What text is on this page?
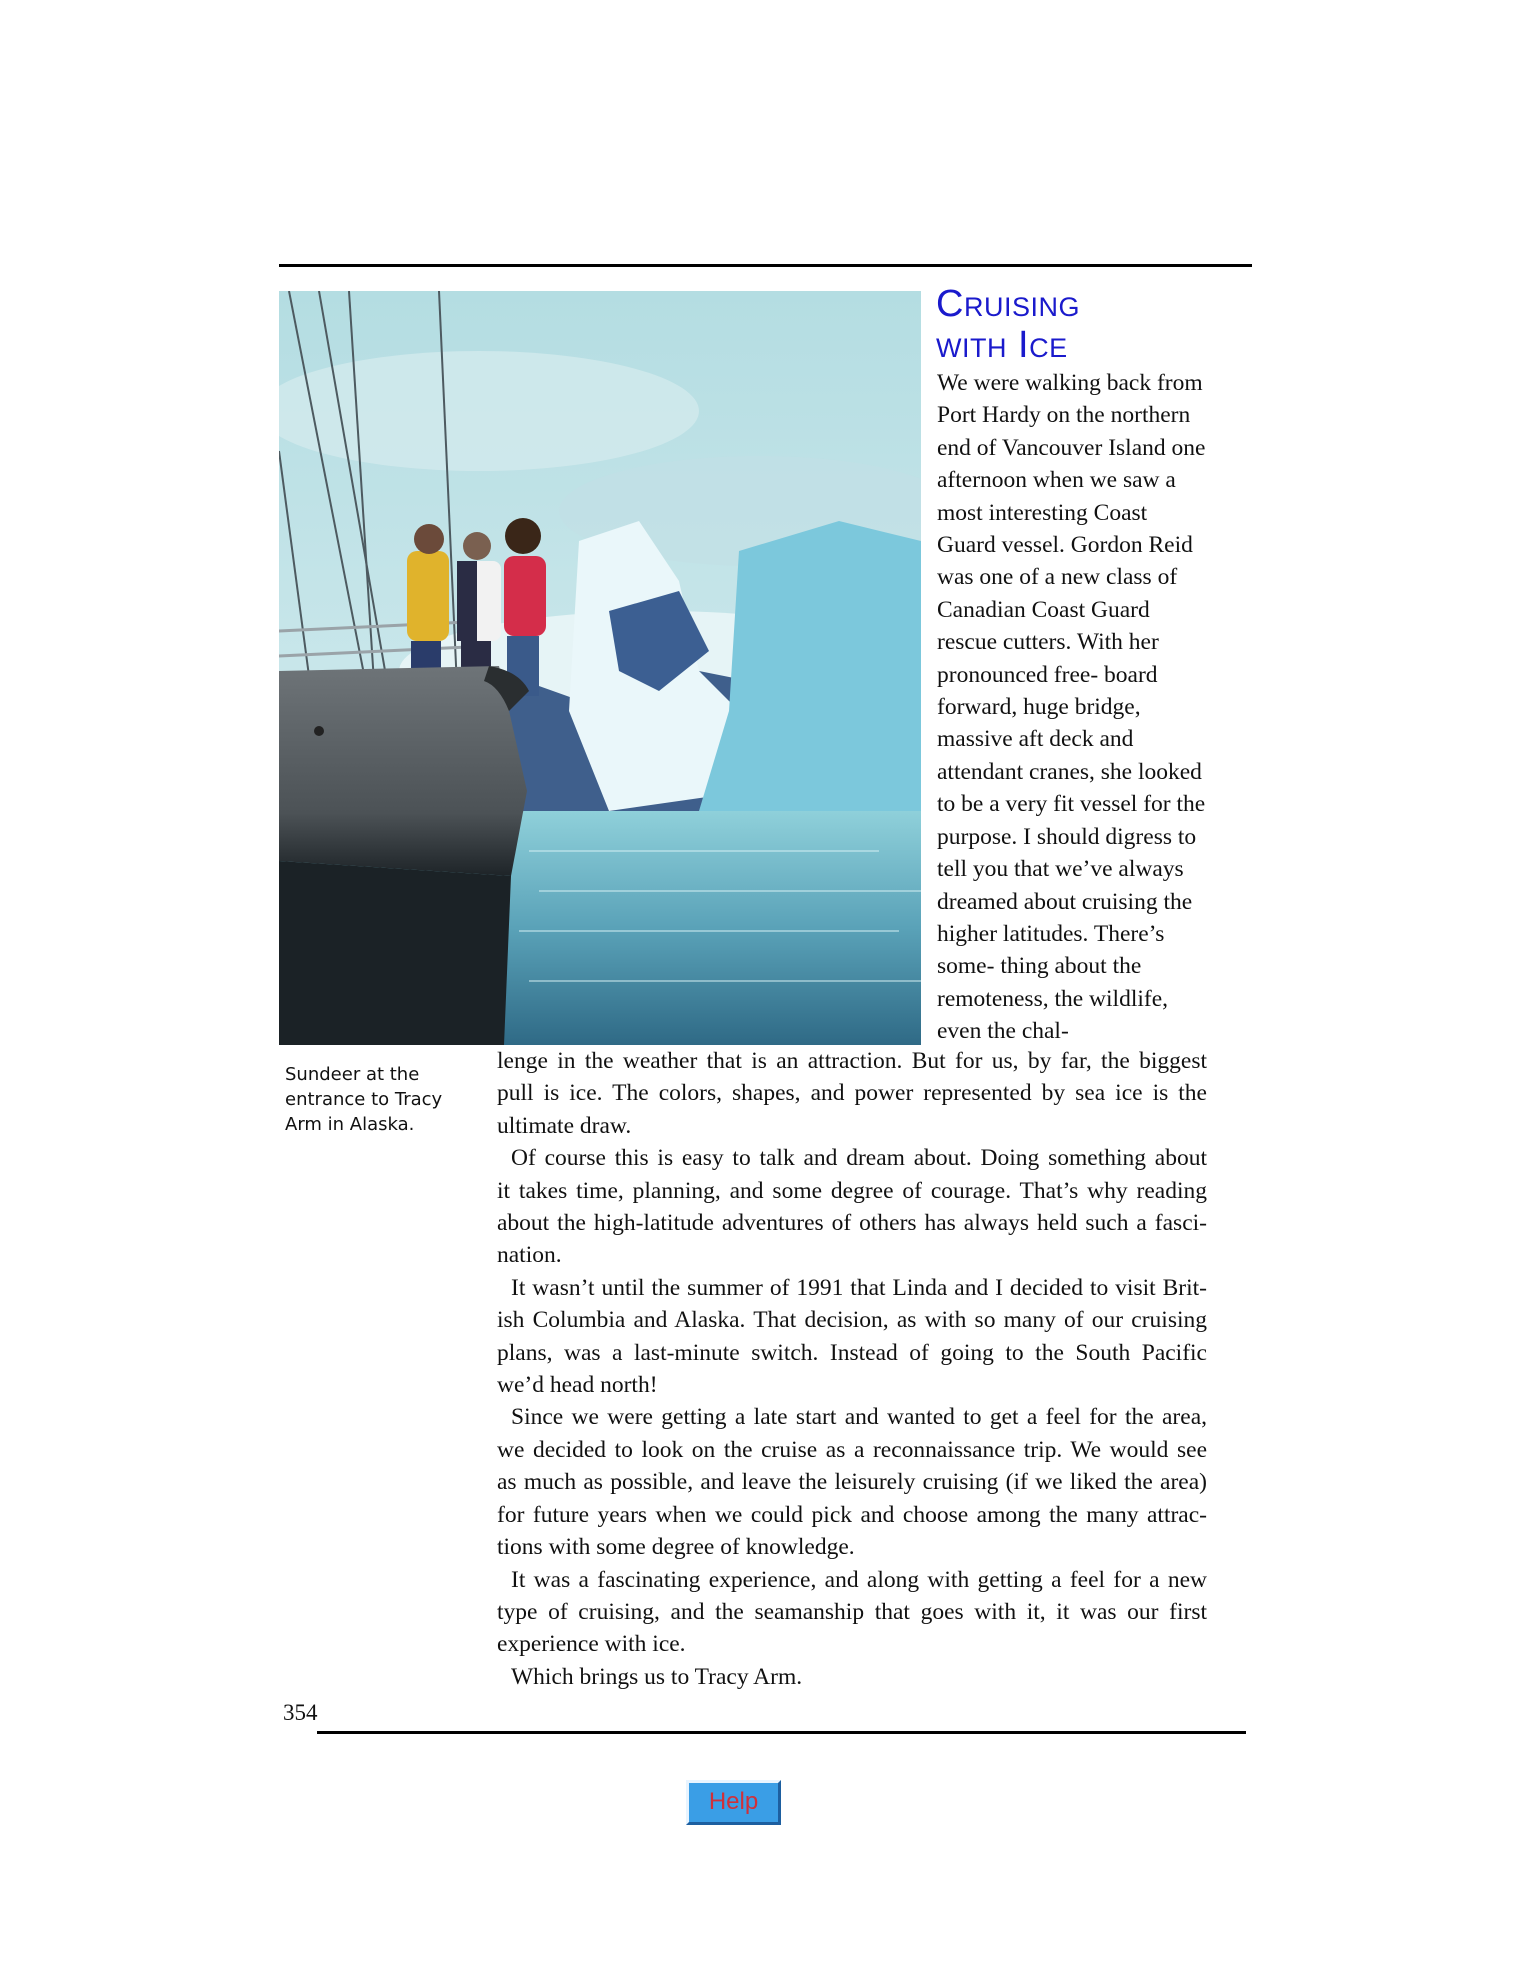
Cruising
with Ice
We were walking back from Port Hardy on the northern end of Vancouver Island one afternoon when we saw a most interesting Coast Guard vessel. Gordon Reid was one of a new class of Canadian Coast Guard rescue cutters. With her pronounced free- board forward, huge bridge, massive aft deck and attendant cranes, she looked to be a very fit vessel for the purpose. I should digress to tell you that we’ve always dreamed about cruising the higher latitudes. There’s some- thing about the remoteness, the wildlife, even the chal-
Sundeer at the
entrance to Tracy
Arm in Alaska.
lenge in the weather that is an attraction. But for us, by far, the biggest
pull is ice. The colors, shapes, and power represented by sea ice is the
ultimate draw.
Of course this is easy to talk and dream about. Doing something about
it takes time, planning, and some degree of courage. That’s why reading
about the high-latitude adventures of others has always held such a fasci-
nation.
It wasn’t until the summer of 1991 that Linda and I decided to visit Brit-
ish Columbia and Alaska. That decision, as with so many of our cruising
plans, was a last-minute switch. Instead of going to the South Pacific
we’d head north!
Since we were getting a late start and wanted to get a feel for the area,
we decided to look on the cruise as a reconnaissance trip. We would see
as much as possible, and leave the leisurely cruising (if we liked the area)
for future years when we could pick and choose among the many attrac-
tions with some degree of knowledge.
It was a fascinating experience, and along with getting a feel for a new
type of cruising, and the seamanship that goes with it, it was our first
experience with ice.
Which brings us to Tracy Arm.
354
Help
